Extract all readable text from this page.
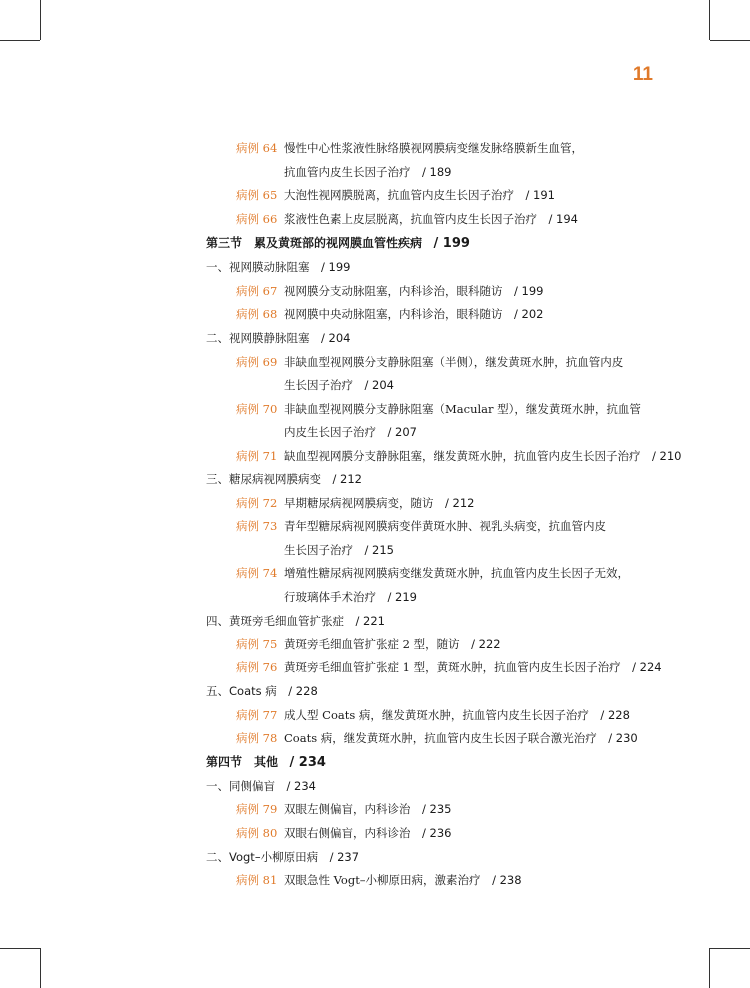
11
病例 64 慢性中心性浆液性脉络膜视网膜病变继发脉络膜新生血管，
抗血管内皮生长因子治疗  / 189
病例 65 大泡性视网膜脱离，抗血管内皮生长因子治疗  / 191
病例 66 浆液性色素上皮层脱离，抗血管内皮生长因子治疗  / 194
第三节　累及黄斑部的视网膜血管性疾病  / 199
一、视网膜动脉阻塞  / 199
病例 67 视网膜分支动脉阻塞，内科诊治，眼科随访  / 199
病例 68 视网膜中央动脉阻塞，内科诊治，眼科随访  / 202
二、视网膜静脉阻塞  / 204
病例 69 非缺血型视网膜分支静脉阻塞（半侧），继发黄斑水肿，抗血管内皮
生长因子治疗  / 204
病例 70 非缺血型视网膜分支静脉阻塞（Macular 型），继发黄斑水肿，抗血管
内皮生长因子治疗  / 207
病例 71 缺血型视网膜分支静脉阻塞，继发黄斑水肿，抗血管内皮生长因子治疗  / 210
三、糖尿病视网膜病变  / 212
病例 72 早期糖尿病视网膜病变，随访  / 212
病例 73 青年型糖尿病视网膜病变伴黄斑水肿、视乳头病变，抗血管内皮
生长因子治疗  / 215
病例 74 增殖性糖尿病视网膜病变继发黄斑水肿，抗血管内皮生长因子无效，
行玻璃体手术治疗  / 219
四、黄斑旁毛细血管扩张症  / 221
病例 75 黄斑旁毛细血管扩张症 2 型，随访  / 222
病例 76 黄斑旁毛细血管扩张症 1 型，黄斑水肿，抗血管内皮生长因子治疗  / 224
五、Coats 病  / 228
病例 77 成人型 Coats 病，继发黄斑水肿，抗血管内皮生长因子治疗  / 228
病例 78 Coats 病，继发黄斑水肿，抗血管内皮生长因子联合激光治疗  / 230
第四节　其他  / 234
一、同侧偏盲  / 234
病例 79 双眼左侧偏盲，内科诊治  / 235
病例 80 双眼右侧偏盲，内科诊治  / 236
二、Vogt–小柳原田病  / 237
病例 81 双眼急性 Vogt–小柳原田病，激素治疗  / 238
